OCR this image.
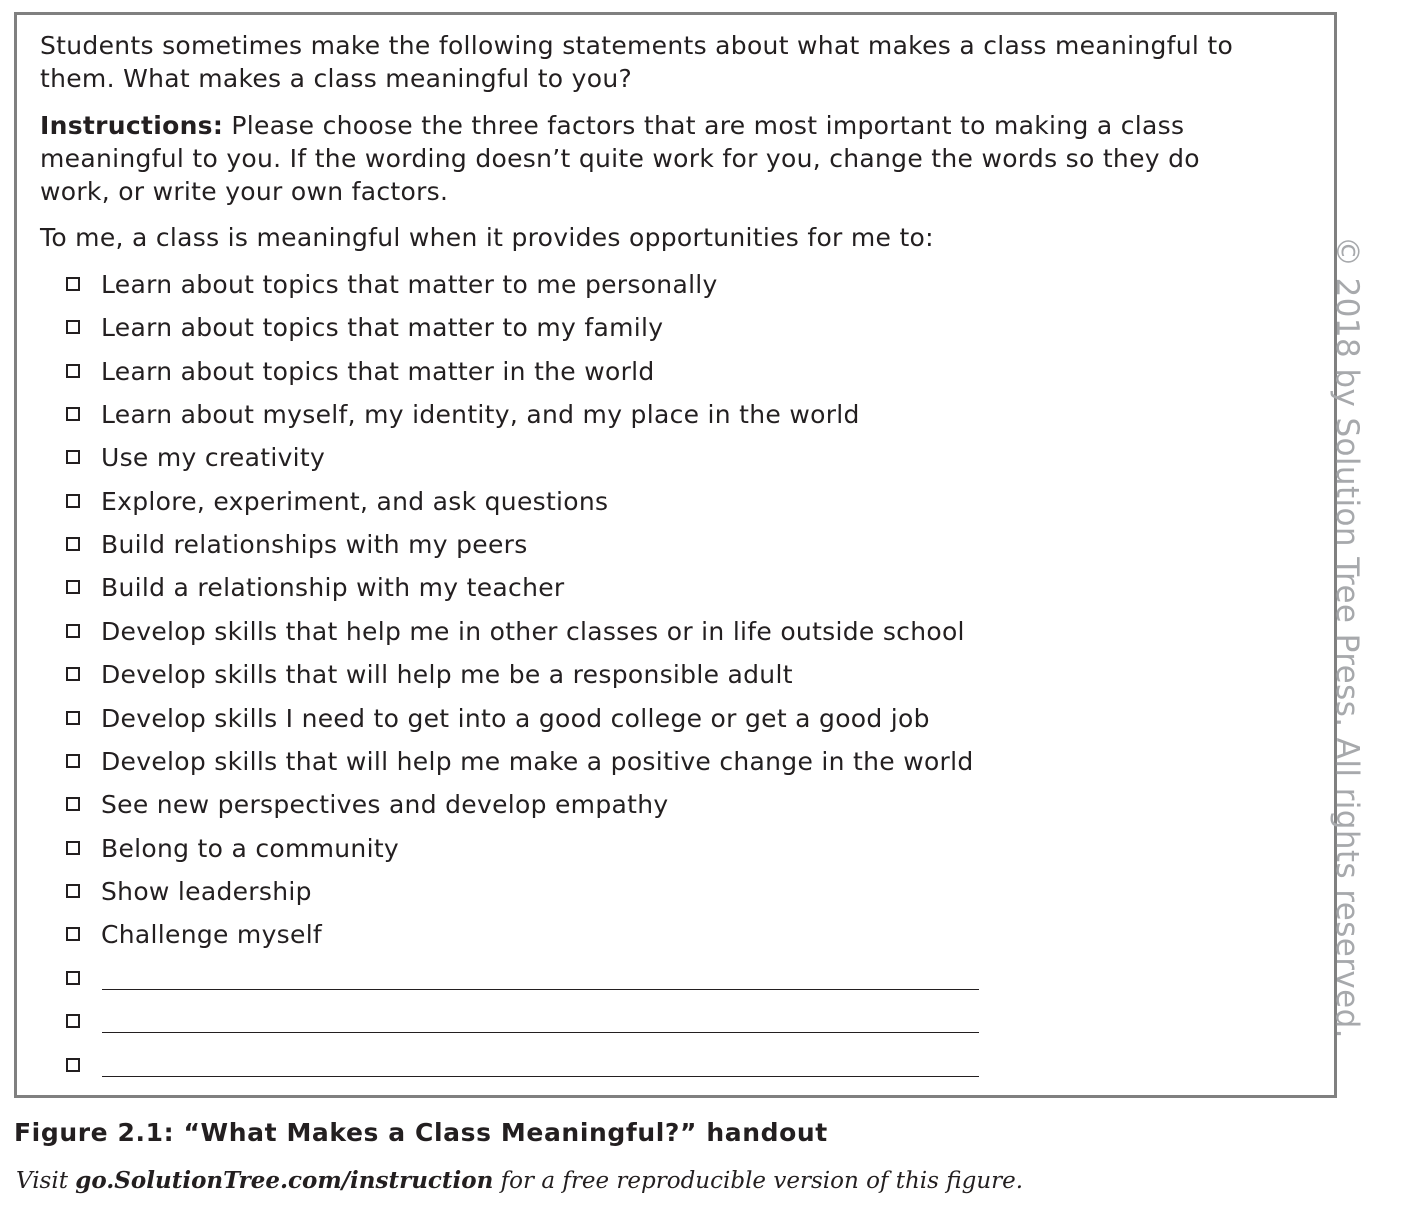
Students sometimes make the following statements about what makes a class meaningful to
them. What makes a class meaningful to you?

Instructions: Please choose the three factors that are most important to making a class
meaningful to you. If the wording doesn’t quite work for you, change the words so they do
work, or write your own factors.

To me, a class is meaningful when it provides opportunities for me to:

Learn about topics that matter to me personally
Learn about topics that matter to my family
Learn about topics that matter in the world
Learn about myself, my identity, and my place in the world
Use my creativity
Explore, experiment, and ask questions
Build relationships with my peers
Build a relationship with my teacher
Develop skills that help me in other classes or in life outside school
Develop skills that will help me be a responsible adult
Develop skills I need to get into a good college or get a good job
Develop skills that will help me make a positive change in the world
See new perspectives and develop empathy
Belong to a community
Show leadership
Challenge myself	© 2018 by Solution Tree Press. All rights reserved.
Figure 2.1: “What Makes a Class Meaningful?” handout
Visit go.SolutionTree.com/instruction for a free reproducible version of this figure.
